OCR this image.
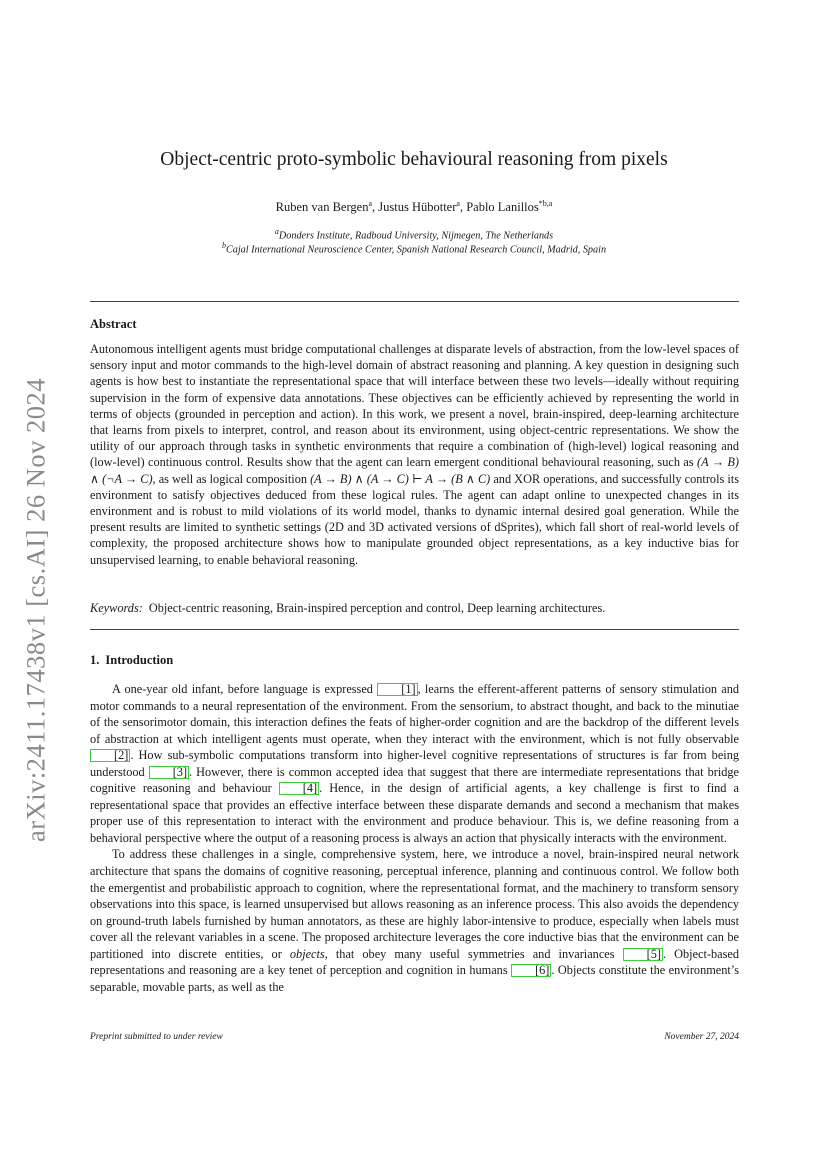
arXiv:2411.17438v1 [cs.AI] 26 Nov 2024
Object-centric proto-symbolic behavioural reasoning from pixels
Ruben van Bergen$^a$, Justus Hübotter$^a$, Pablo Lanillos$^{*b,a}$
$^a$Donders Institute, Radboud University, Nijmegen, The Netherlands
$^b$Cajal International Neuroscience Center, Spanish National Research Council, Madrid, Spain
Abstract

Autonomous intelligent agents must bridge computational challenges at disparate levels of abstraction, from the low-level spaces of sensory input and motor commands to the high-level domain of abstract reasoning and planning. A key question in designing such agents is how best to instantiate the representational space that will interface between these two levels—ideally without requiring supervision in the form of expensive data annotations. These objectives can be efficiently achieved by representing the world in terms of objects (grounded in perception and action). In this work, we present a novel, brain-inspired, deep-learning architecture that learns from pixels to interpret, control, and reason about its environment, using object-centric representations. We show the utility of our approach through tasks in synthetic environments that require a combination of (high-level) logical reasoning and (low-level) continuous control. Results show that the agent can learn emergent conditional behavioural reasoning, such as (A → B) ∧ (¬A → C), as well as logical composition (A → B) ∧ (A → C) ⊢ A → (B ∧ C) and XOR operations, and successfully controls its environment to satisfy objectives deduced from these logical rules. The agent can adapt online to unexpected changes in its environment and is robust to mild violations of its world model, thanks to dynamic internal desired goal generation. While the present results are limited to synthetic settings (2D and 3D activated versions of dSprites), which fall short of real-world levels of complexity, the proposed architecture shows how to manipulate grounded object representations, as a key inductive bias for unsupervised learning, to enable behavioral reasoning.

Keywords: Object-centric reasoning, Brain-inspired perception and control, Deep learning architectures.
1. Introduction

A one-year old infant, before language is expressed [1] , learns the efferent-afferent patterns of sensory stimulation and motor commands to a neural representation of the environment. From the sensorium, to abstract thought, and back to the minutiae of the sensorimotor domain, this interaction defines the feats of higher-order cognition and are the backdrop of the different levels of abstraction at which intelligent agents must operate, when they interact with the environment, which is not fully observable [2] . How sub-symbolic computations transform into higher-level cognitive representations of structures is far from being understood [3] . However, there is common accepted idea that suggest that there are intermediate representations that bridge cognitive reasoning and behaviour [4] . Hence, in the design of artificial agents, a key challenge is first to find a representational space that provides an effective interface between these disparate demands and second a mechanism that makes proper use of this representation to interact with the environment and produce behaviour. This is, we define reasoning from a behavioral perspective where the output of a reasoning process is always an action that physically interacts with the environment.

To address these challenges in a single, comprehensive system, here, we introduce a novel, brain-inspired neural network architecture that spans the domains of cognitive reasoning, perceptual inference, planning and continuous control. We follow both the emergentist and probabilistic approach to cognition, where the representational format, and the machinery to transform sensory observations into this space, is learned unsupervised but allows reasoning as an inference process. This also avoids the dependency on ground-truth labels furnished by human annotators, as these are highly labor-intensive to produce, especially when labels must cover all the relevant variables in a scene. The proposed architecture leverages the core inductive bias that the environment can be partitioned into discrete entities, or objects, that obey many useful symmetries and invariances [5] . Object-based representations and reasoning are a key tenet of perception and cognition in humans [6] . Objects constitute the environment’s separable, movable parts, as well as the

Preprint submitted to under review	November 27, 2024
